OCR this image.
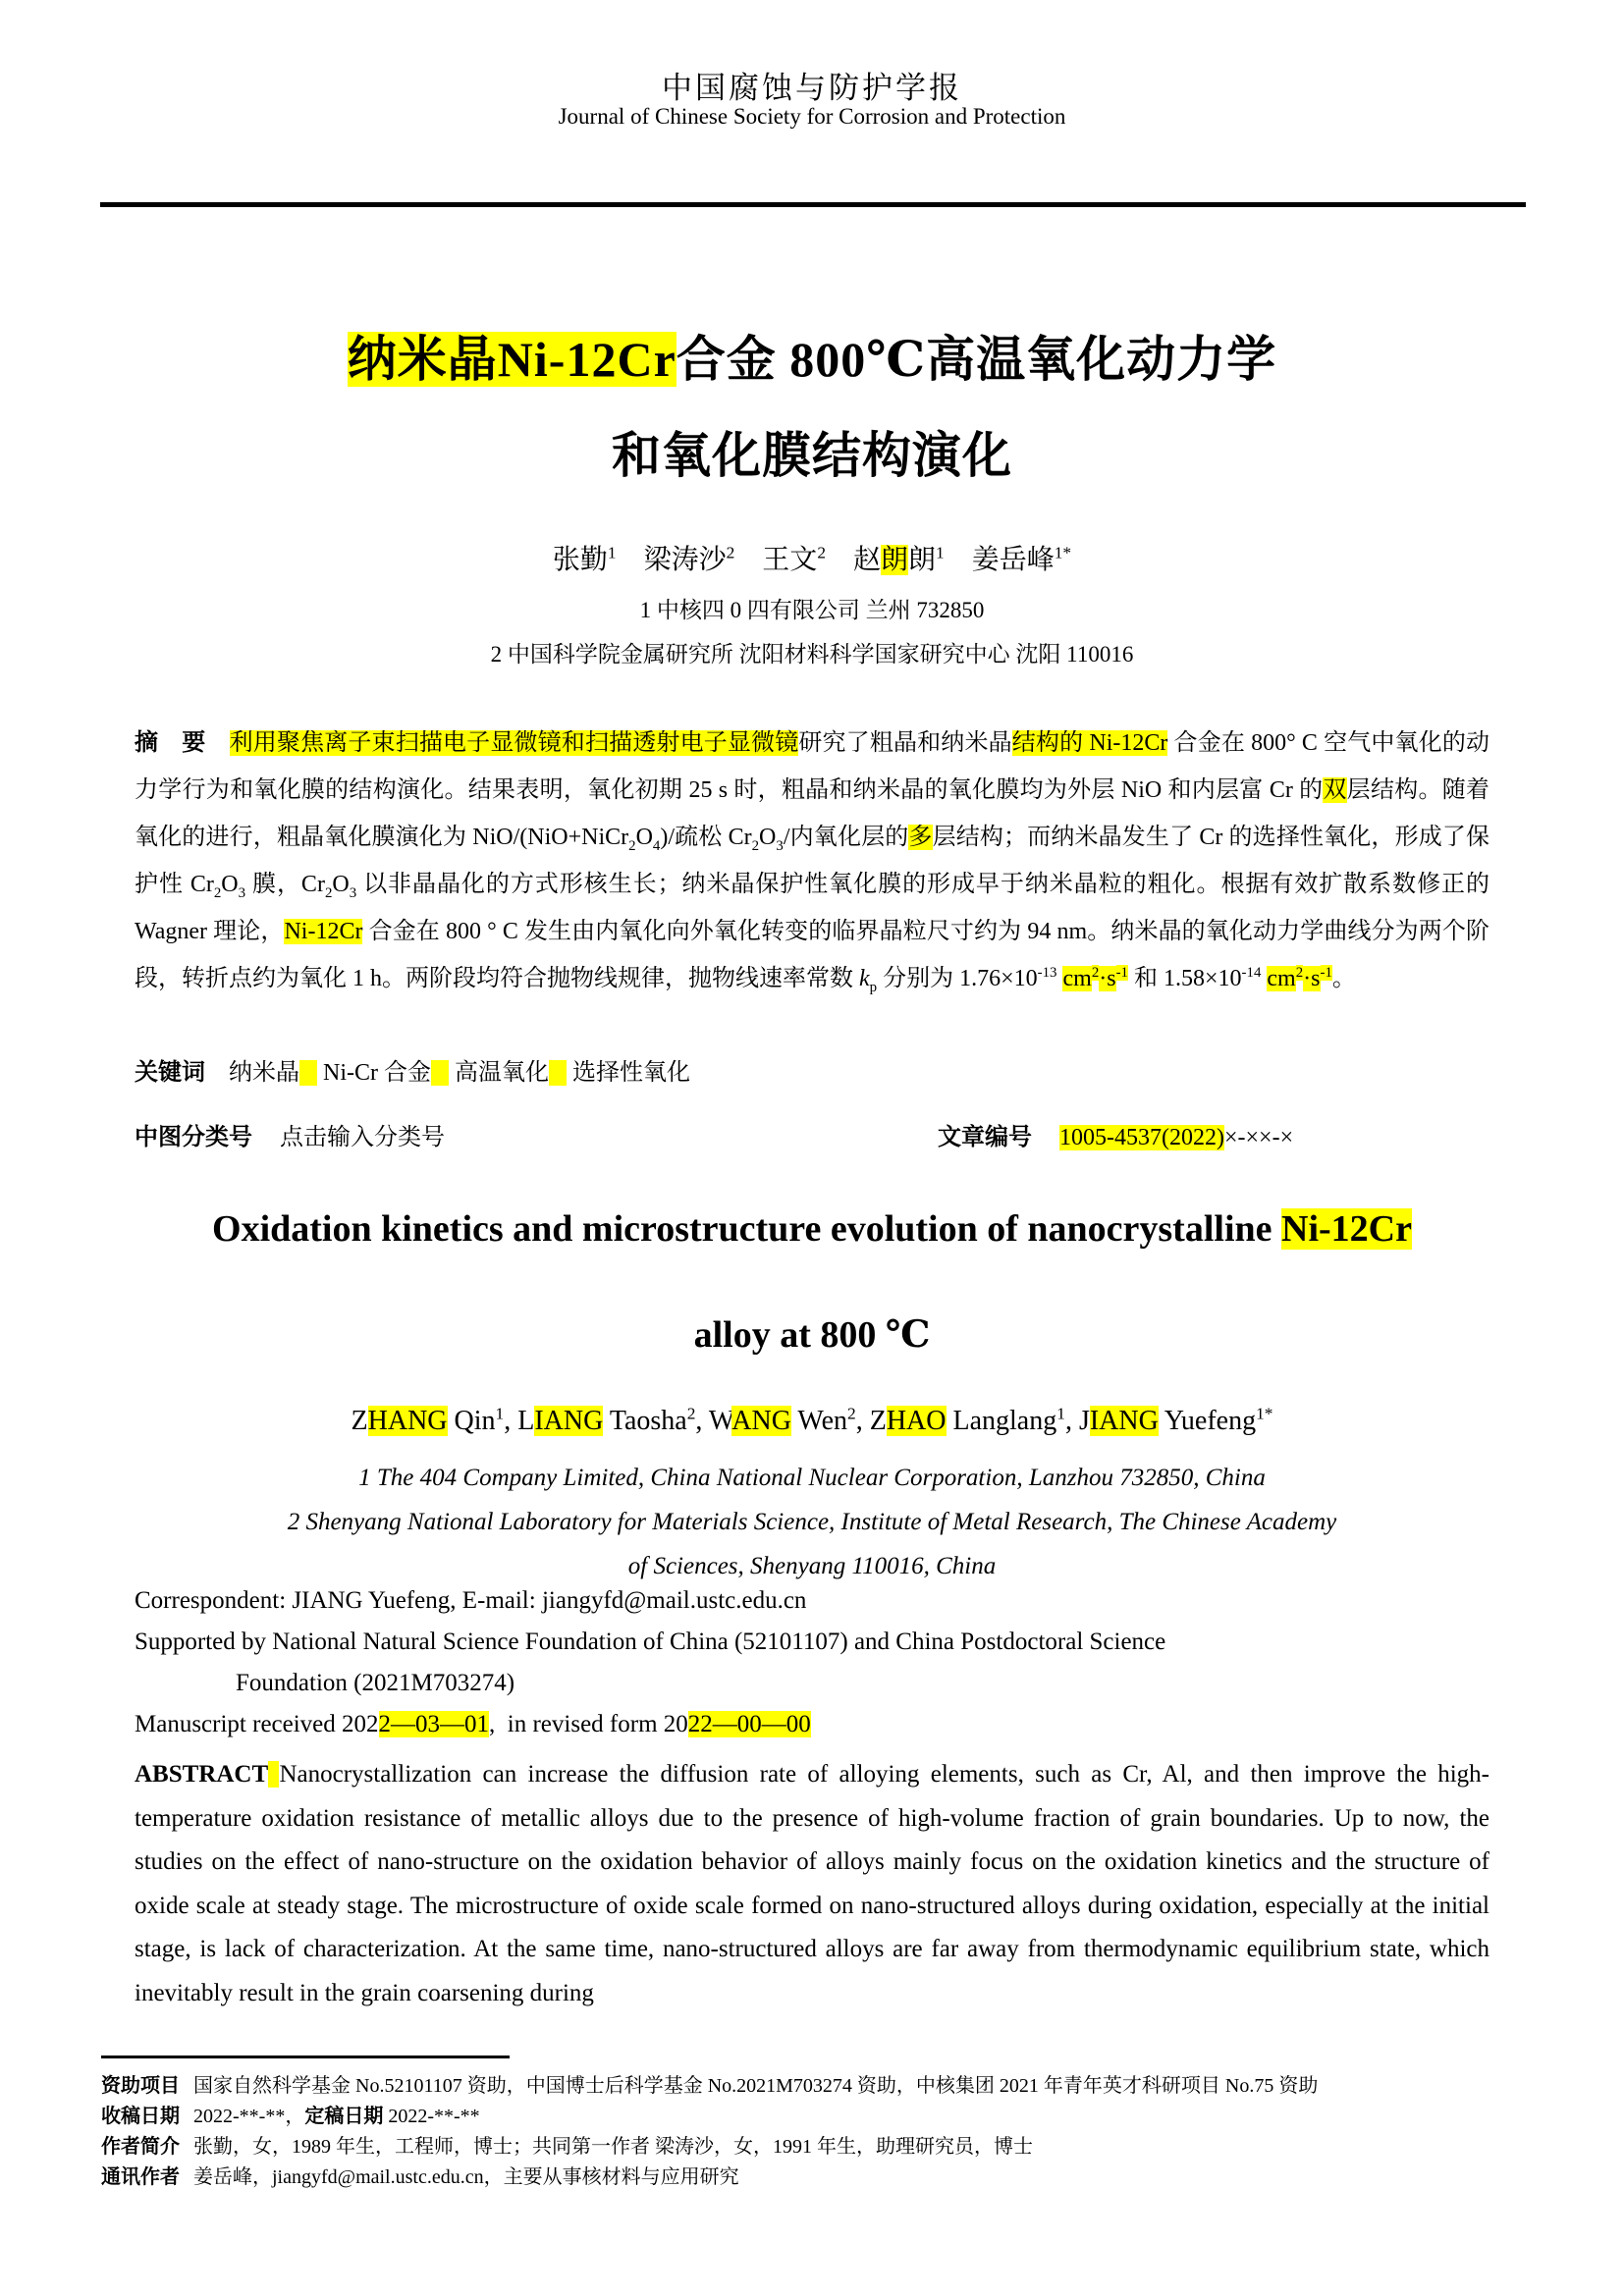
中国腐蚀与防护学报
Journal of Chinese Society for Corrosion and Protection
纳米晶Ni-12Cr合金 800℃高温氧化动力学
和氧化膜结构演化
张勤$^1$　梁涛沙$^2$　王文$^2$　赵朗朗$^1$　姜岳峰$^{1*}$
1 中核四 0 四有限公司 兰州 732850
2 中国科学院金属研究所 沈阳材料科学国家研究中心 沈阳 110016
摘　要　利用聚焦离子束扫描电子显微镜和扫描透射电子显微镜研究了粗晶和纳米晶结构的 Ni-12Cr 合金在 800° C 空气中氧化的动力学行为和氧化膜的结构演化。结果表明，氧化初期 25 s 时，粗晶和纳米晶的氧化膜均为外层 NiO 和内层富 Cr 的双层结构。随着氧化的进行，粗晶氧化膜演化为 NiO/$(NiO+NiCr_2O_4)/$疏松 $Cr_2O_3/$内氧化层的多层结构；而纳米晶发生了 Cr 的选择性氧化，形成了保护性 $Cr_2O_3$ 膜，$Cr_2O_3$ 以非晶晶化的方式形核生长；纳米晶保护性氧化膜的形成早于纳米晶粒的粗化。根据有效扩散系数修正的 Wagner 理论，Ni-12Cr 合金在 800 ° C 发生由内氧化向外氧化转变的临界晶粒尺寸约为 94 nm。纳米晶的氧化动力学曲线分为两个阶段，转折点约为氧化 1 h。两阶段均符合抛物线规律，抛物线速率常数 $k_p$ 分别为 $1.76\times 10^{-13}$ $cm^2\cdot s^{-1}$ 和 $1.58\times 10^{-14}$ $cm^2\cdot s^{-1}$。
关键词　纳米晶    Ni-Cr 合金    高温氧化    选择性氧化
中图分类号 点击输入分类号	文章编号 1005-4537(2022)×-××-×
Oxidation kinetics and microstructure evolution of nanocrystalline Ni-12Cr
alloy at 800 ℃
ZHANG Qin$^1$, LIANG Taosha$^2$, WANG Wen$^2$, ZHAO Langlang$^1$, JIANG Yuefeng$^{1*}$
1 The 404 Company Limited, China National Nuclear Corporation, Lanzhou 732850, China
2 Shenyang National Laboratory for Materials Science, Institute of Metal Research, The Chinese Academy
of Sciences, Shenyang 110016, China
Correspondent: JIANG Yuefeng, E-mail: jiangyfd@mail.ustc.edu.cn
Supported by National Natural Science Foundation of China (52101107) and China Postdoctoral Science
Foundation (2021M703274)
Manuscript received 2022—03—01,  in revised form 2022—00—00
ABSTRACT Nanocrystallization can increase the diffusion rate of alloying elements, such as Cr, Al, and then improve the high-temperature oxidation resistance of metallic alloys due to the presence of high-volume fraction of grain boundaries. Up to now, the studies on the effect of nano-structure on the oxidation behavior of alloys mainly focus on the oxidation kinetics and the structure of oxide scale at steady stage. The microstructure of oxide scale formed on nano-structured alloys during oxidation, especially at the initial stage, is lack of characterization. At the same time, nano-structured alloys are far away from thermodynamic equilibrium state, which inevitably result in the grain coarsening during
资助项目 国家自然科学基金 No.52101107 资助，中国博士后科学基金 No.2021M703274 资助，中核集团 2021 年青年英才科研项目 No.75 资助
收稿日期 2022-**-**，定稿日期 2022-**-**
作者简介 张勤，女，1989 年生，工程师，博士；共同第一作者 梁涛沙，女，1991 年生，助理研究员，博士
通讯作者 姜岳峰，jiangyfd@mail.ustc.edu.cn，主要从事核材料与应用研究
